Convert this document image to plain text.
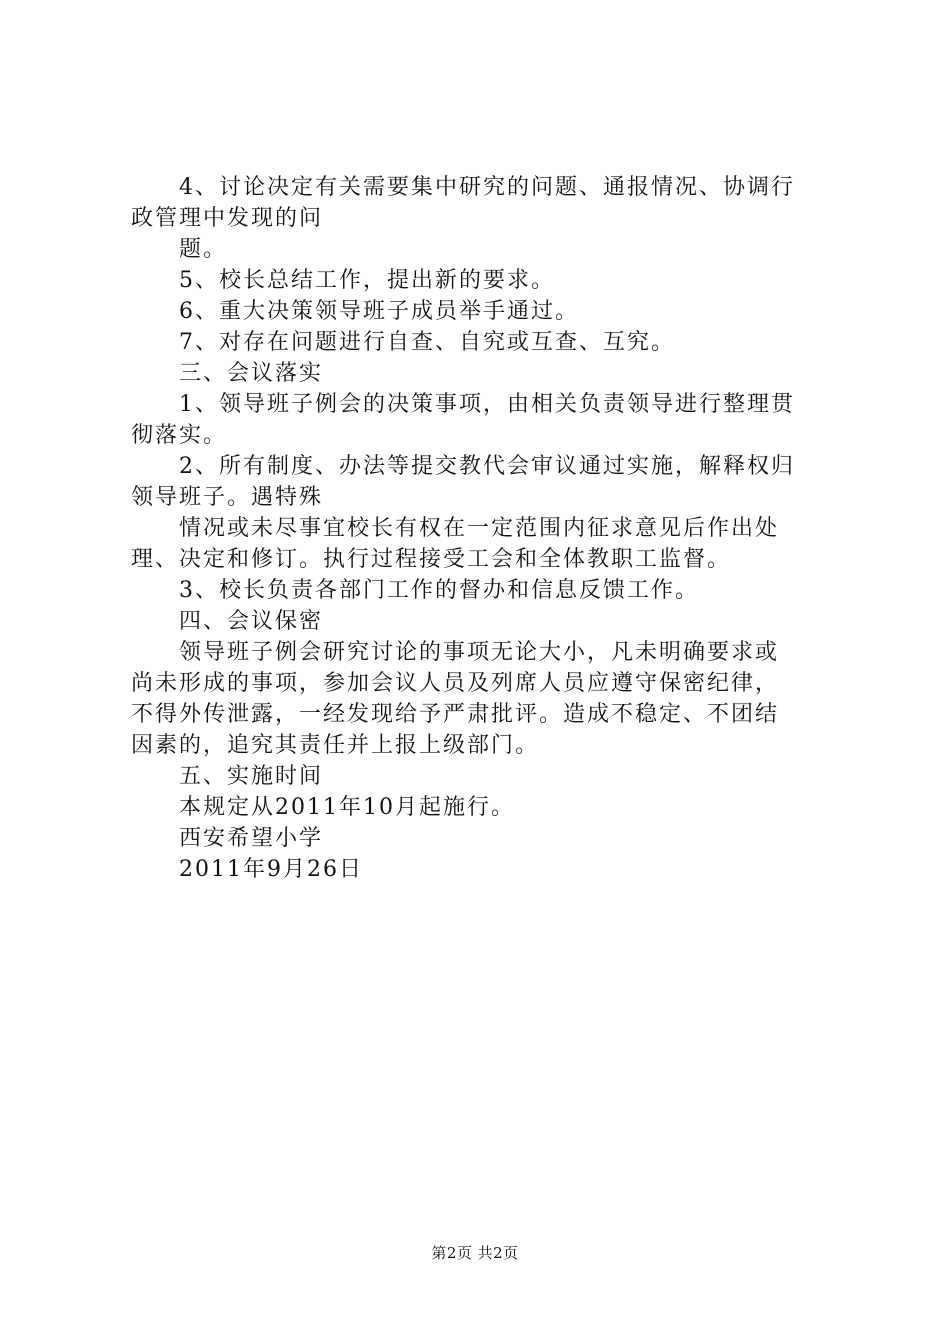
4、讨论决定有关需要集中研究的问题、通报情况、协调行
政管理中发现的问
题。
5、校长总结工作，提出新的要求。
6、重大决策领导班子成员举手通过。
7、对存在问题进行自查、自究或互查、互究。
三、会议落实
1、领导班子例会的决策事项，由相关负责领导进行整理贯
彻落实。
2、所有制度、办法等提交教代会审议通过实施，解释权归
领导班子。遇特殊
情况或未尽事宜校长有权在一定范围内征求意见后作出处
理、决定和修订。执行过程接受工会和全体教职工监督。
3、校长负责各部门工作的督办和信息反馈工作。
四、会议保密
领导班子例会研究讨论的事项无论大小，凡未明确要求或
尚未形成的事项，参加会议人员及列席人员应遵守保密纪律，
不得外传泄露，一经发现给予严肃批评。造成不稳定、不团结
因素的，追究其责任并上报上级部门。
五、实施时间
本规定从2011年10月起施行。
西安希望小学
2011年9月26日
第2页 共2页
